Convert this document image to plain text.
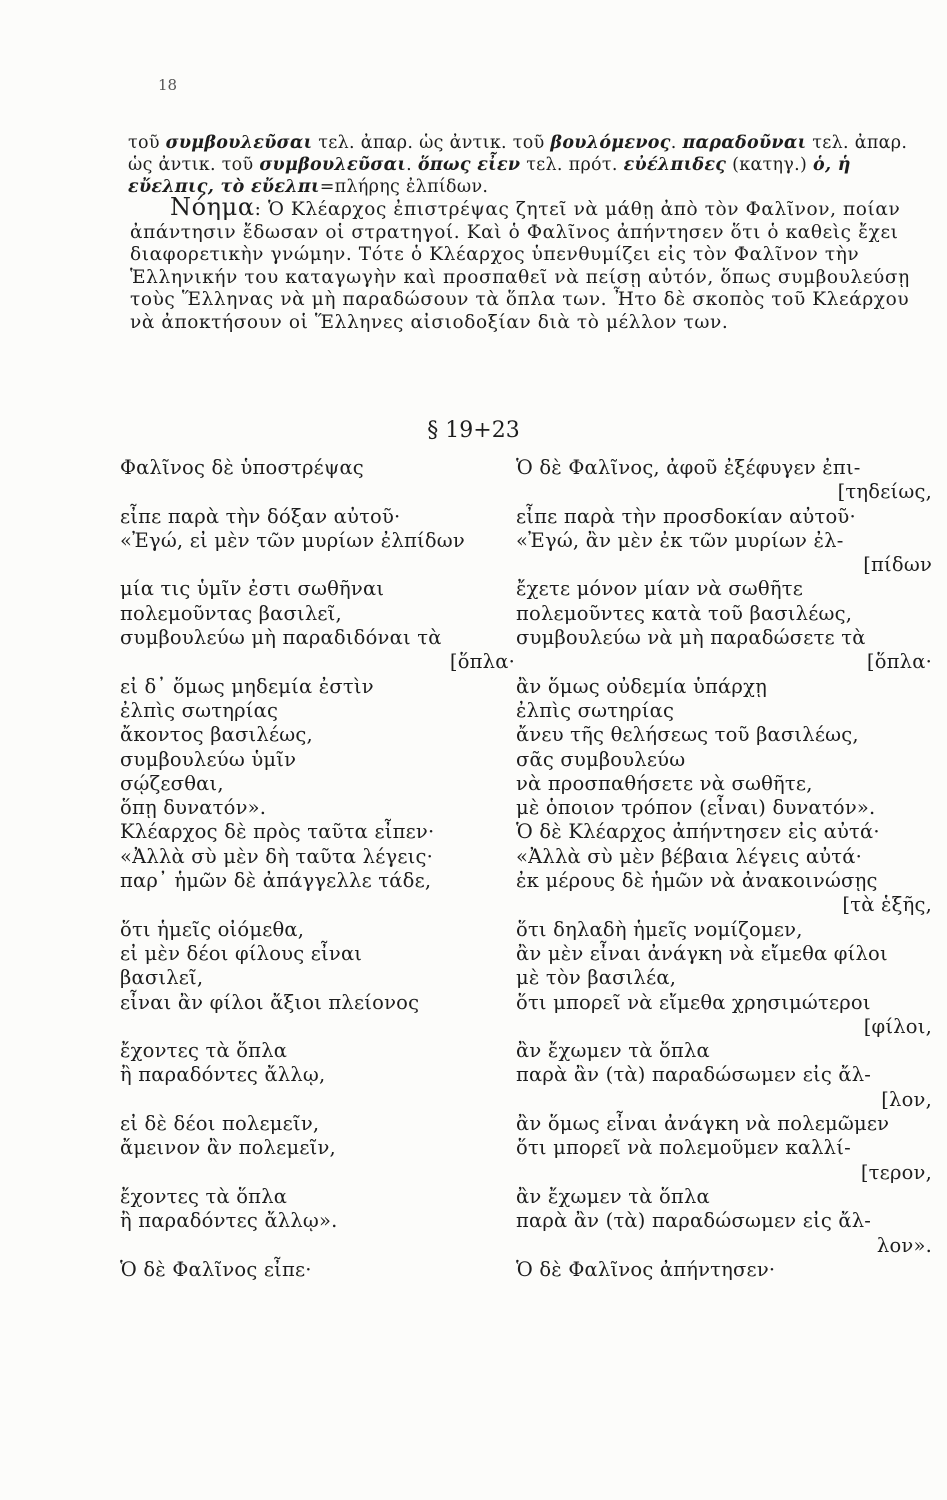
18
τοῦ συμβουλεῦσαι τελ. ἀπαρ. ὡς ἀντικ. τοῦ βουλόμενος. παραδοῦναι τελ. ἀπαρ. ὡς ἀντικ. τοῦ συμβουλεῦσαι. ὅπως εἶεν τελ. πρότ. εὐέλπιδες (κατηγ.) ὁ, ἡ εὔελπις, τὸ εὔελπι=πλήρης ἐλπίδων.

Νόημα: Ὁ Κλέαρχος ἐπιστρέψας ζητεῖ νὰ μάθῃ ἀπὸ τὸν Φαλῖνον, ποίαν ἀπάντησιν ἔδωσαν οἱ στρατηγοί. Καὶ ὁ Φαλῖνος ἀπήντησεν ὅτι ὁ καθεὶς ἔχει διαφορετικὴν γνώμην. Τότε ὁ Κλέαρχος ὑπενθυμίζει εἰς τὸν Φαλῖνον τὴν Ἑλληνικήν του καταγωγὴν καὶ προσπαθεῖ νὰ πείσῃ αὐτόν, ὅπως συμβουλεύσῃ τοὺς Ἕλληνας νὰ μὴ παραδώσουν τὰ ὅπλα των. Ἦτο δὲ σκοπὸς τοῦ Κλεάρχου νὰ ἀποκτήσουν οἱ Ἕλληνες αἰσιοδοξίαν διὰ τὸ μέλλον των.

§ 19+23
Φαλῖνος δὲ ὑποστρέψας
εἶπε παρὰ τὴν δόξαν αὐτοῦ·
«Ἐγώ, εἰ μὲν τῶν μυρίων ἐλπίδων
μία τις ὑμῖν ἐστι σωθῆναι
πολεμοῦντας βασιλεῖ,
συμβουλεύω μὴ παραδιδόναι τὰ
[ὅπλα·
εἰ δ᾽ ὅμως μηδεμία ἐστὶν
ἐλπὶς σωτηρίας
ἄκοντος βασιλέως,
συμβουλεύω ὑμῖν
σῴζεσθαι,
ὅπῃ δυνατόν».
Κλέαρχος δὲ πρὸς ταῦτα εἶπεν·
«Ἀλλὰ σὺ μὲν δὴ ταῦτα λέγεις·
παρ᾽ ἡμῶν δὲ ἀπάγγελλε τάδε,
ὅτι ἡμεῖς οἰόμεθα,
εἰ μὲν δέοι φίλους εἶναι
βασιλεῖ,
εἶναι ἂν φίλοι ἄξιοι πλείονος
ἔχοντες τὰ ὅπλα
ἢ παραδόντες ἄλλῳ,
εἰ δὲ δέοι πολεμεῖν,
ἄμεινον ἂν πολεμεῖν,
ἔχοντες τὰ ὅπλα
ἢ παραδόντες ἄλλῳ».
Ὁ δὲ Φαλῖνος εἶπε·
Ὁ δὲ Φαλῖνος, ἀφοῦ ἐξέφυγεν ἐπι-
[τηδείως,
εἶπε παρὰ τὴν προσδοκίαν αὐτοῦ·
«Ἐγώ, ἂν μὲν ἐκ τῶν μυρίων ἐλ-
[πίδων
ἔχετε μόνον μίαν νὰ σωθῆτε
πολεμοῦντες κατὰ τοῦ βασιλέως,
συμβουλεύω νὰ μὴ παραδώσετε τὰ
[ὅπλα·
ἂν ὅμως οὐδεμία ὑπάρχῃ
ἐλπὶς σωτηρίας
ἄνευ τῆς θελήσεως τοῦ βασιλέως,
σᾶς συμβουλεύω
νὰ προσπαθήσετε νὰ σωθῆτε,
μὲ ὁποιον τρόπον (εἶναι) δυνατόν».
Ὁ δὲ Κλέαρχος ἀπήντησεν εἰς αὐτά·
«Ἀλλὰ σὺ μὲν βέβαια λέγεις αὐτά·
ἐκ μέρους δὲ ἡμῶν νὰ ἀνακοινώσῃς
[τὰ ἑξῆς,
ὅτι δηλαδὴ ἡμεῖς νομίζομεν,
ἂν μὲν εἶναι ἀνάγκη νὰ εἴμεθα φίλοι
μὲ τὸν βασιλέα,
ὅτι μπορεῖ νὰ εἴμεθα χρησιμώτεροι
[φίλοι,
ἂν ἔχωμεν τὰ ὅπλα
παρὰ ἂν (τὰ) παραδώσωμεν εἰς ἄλ-
[λον,
ἂν ὅμως εἶναι ἀνάγκη νὰ πολεμῶμεν
ὅτι μπορεῖ νὰ πολεμοῦμεν καλλί-
[τερον,
ἂν ἔχωμεν τὰ ὅπλα
παρὰ ἂν (τὰ) παραδώσωμεν εἰς ἄλ-
λον».
Ὁ δὲ Φαλῖνος ἀπήντησεν·
